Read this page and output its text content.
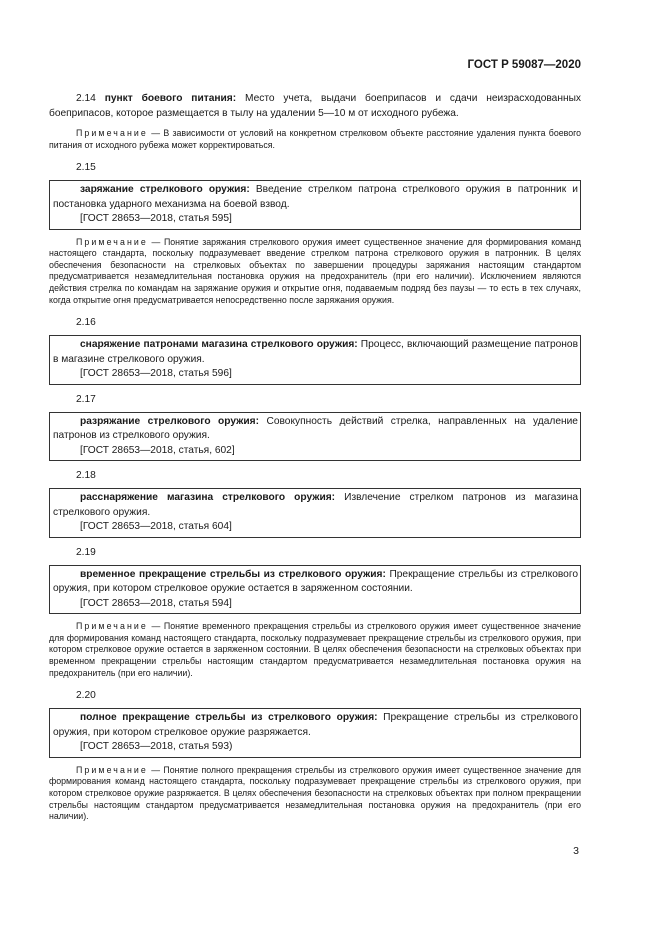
ГОСТ Р 59087—2020

2.14 пункт боевого питания: Место учета, выдачи боеприпасов и сдачи неизрасходованных боеприпасов, которое размещается в тылу на удалении 5—10 м от исходного рубежа.

Примечание — В зависимости от условий на конкретном стрелковом объекте расстояние удаления пункта боевого питания от исходного рубежа может корректироваться.

2.15

заряжание стрелкового оружия: Введение стрелком патрона стрелкового оружия в патронник и постановка ударного механизма на боевой взвод.

[ГОСТ 28653—2018, статья 595]

Примечание — Понятие заряжания стрелкового оружия имеет существенное значение для формирования команд настоящего стандарта, поскольку подразумевает введение стрелком патрона стрелкового оружия в патронник. В целях обеспечения безопасности на стрелковых объектах по завершении процедуры заряжания настоящим стандартом предусматривается незамедлительная постановка оружия на предохранитель (при его наличии). Исключением являются действия стрелка по командам на заряжание оружия и открытие огня, подаваемым подряд без паузы — то есть в тех случаях, когда открытие огня предусматривается непосредственно после заряжания оружия.

2.16

снаряжение патронами магазина стрелкового оружия: Процесс, включающий размещение патронов в магазине стрелкового оружия.

[ГОСТ 28653—2018, статья 596]

2.17

разряжание стрелкового оружия: Совокупность действий стрелка, направленных на удаление патронов из стрелкового оружия.

[ГОСТ 28653—2018, статья, 602]

2.18

расснаряжение магазина стрелкового оружия: Извлечение стрелком патронов из магазина стрелкового оружия.

[ГОСТ 28653—2018, статья 604]

2.19

временное прекращение стрельбы из стрелкового оружия: Прекращение стрельбы из стрелкового оружия, при котором стрелковое оружие остается в заряженном состоянии.

[ГОСТ 28653—2018, статья 594]

Примечание — Понятие временного прекращения стрельбы из стрелкового оружия имеет существенное значение для формирования команд настоящего стандарта, поскольку подразумевает прекращение стрельбы из стрелкового оружия, при котором стрелковое оружие остается в заряженном состоянии. В целях обеспечения безопасности на стрелковых объектах при временном прекращении стрельбы настоящим стандартом предусматривается незамедлительная постановка оружия на предохранитель (при его наличии).

2.20

полное прекращение стрельбы из стрелкового оружия: Прекращение стрельбы из стрелкового оружия, при котором стрелковое оружие разряжается.

[ГОСТ 28653—2018, статья 593)

Примечание — Понятие полного прекращения стрельбы из стрелкового оружия имеет существенное значение для формирования команд настоящего стандарта, поскольку подразумевает прекращение стрельбы из стрелкового оружия, при котором стрелковое оружие разряжается. В целях обеспечения безопасности на стрелковых объектах при полном прекращении стрельбы настоящим стандартом предусматривается незамедлительная постановка оружия на предохранитель (при его наличии).

3
